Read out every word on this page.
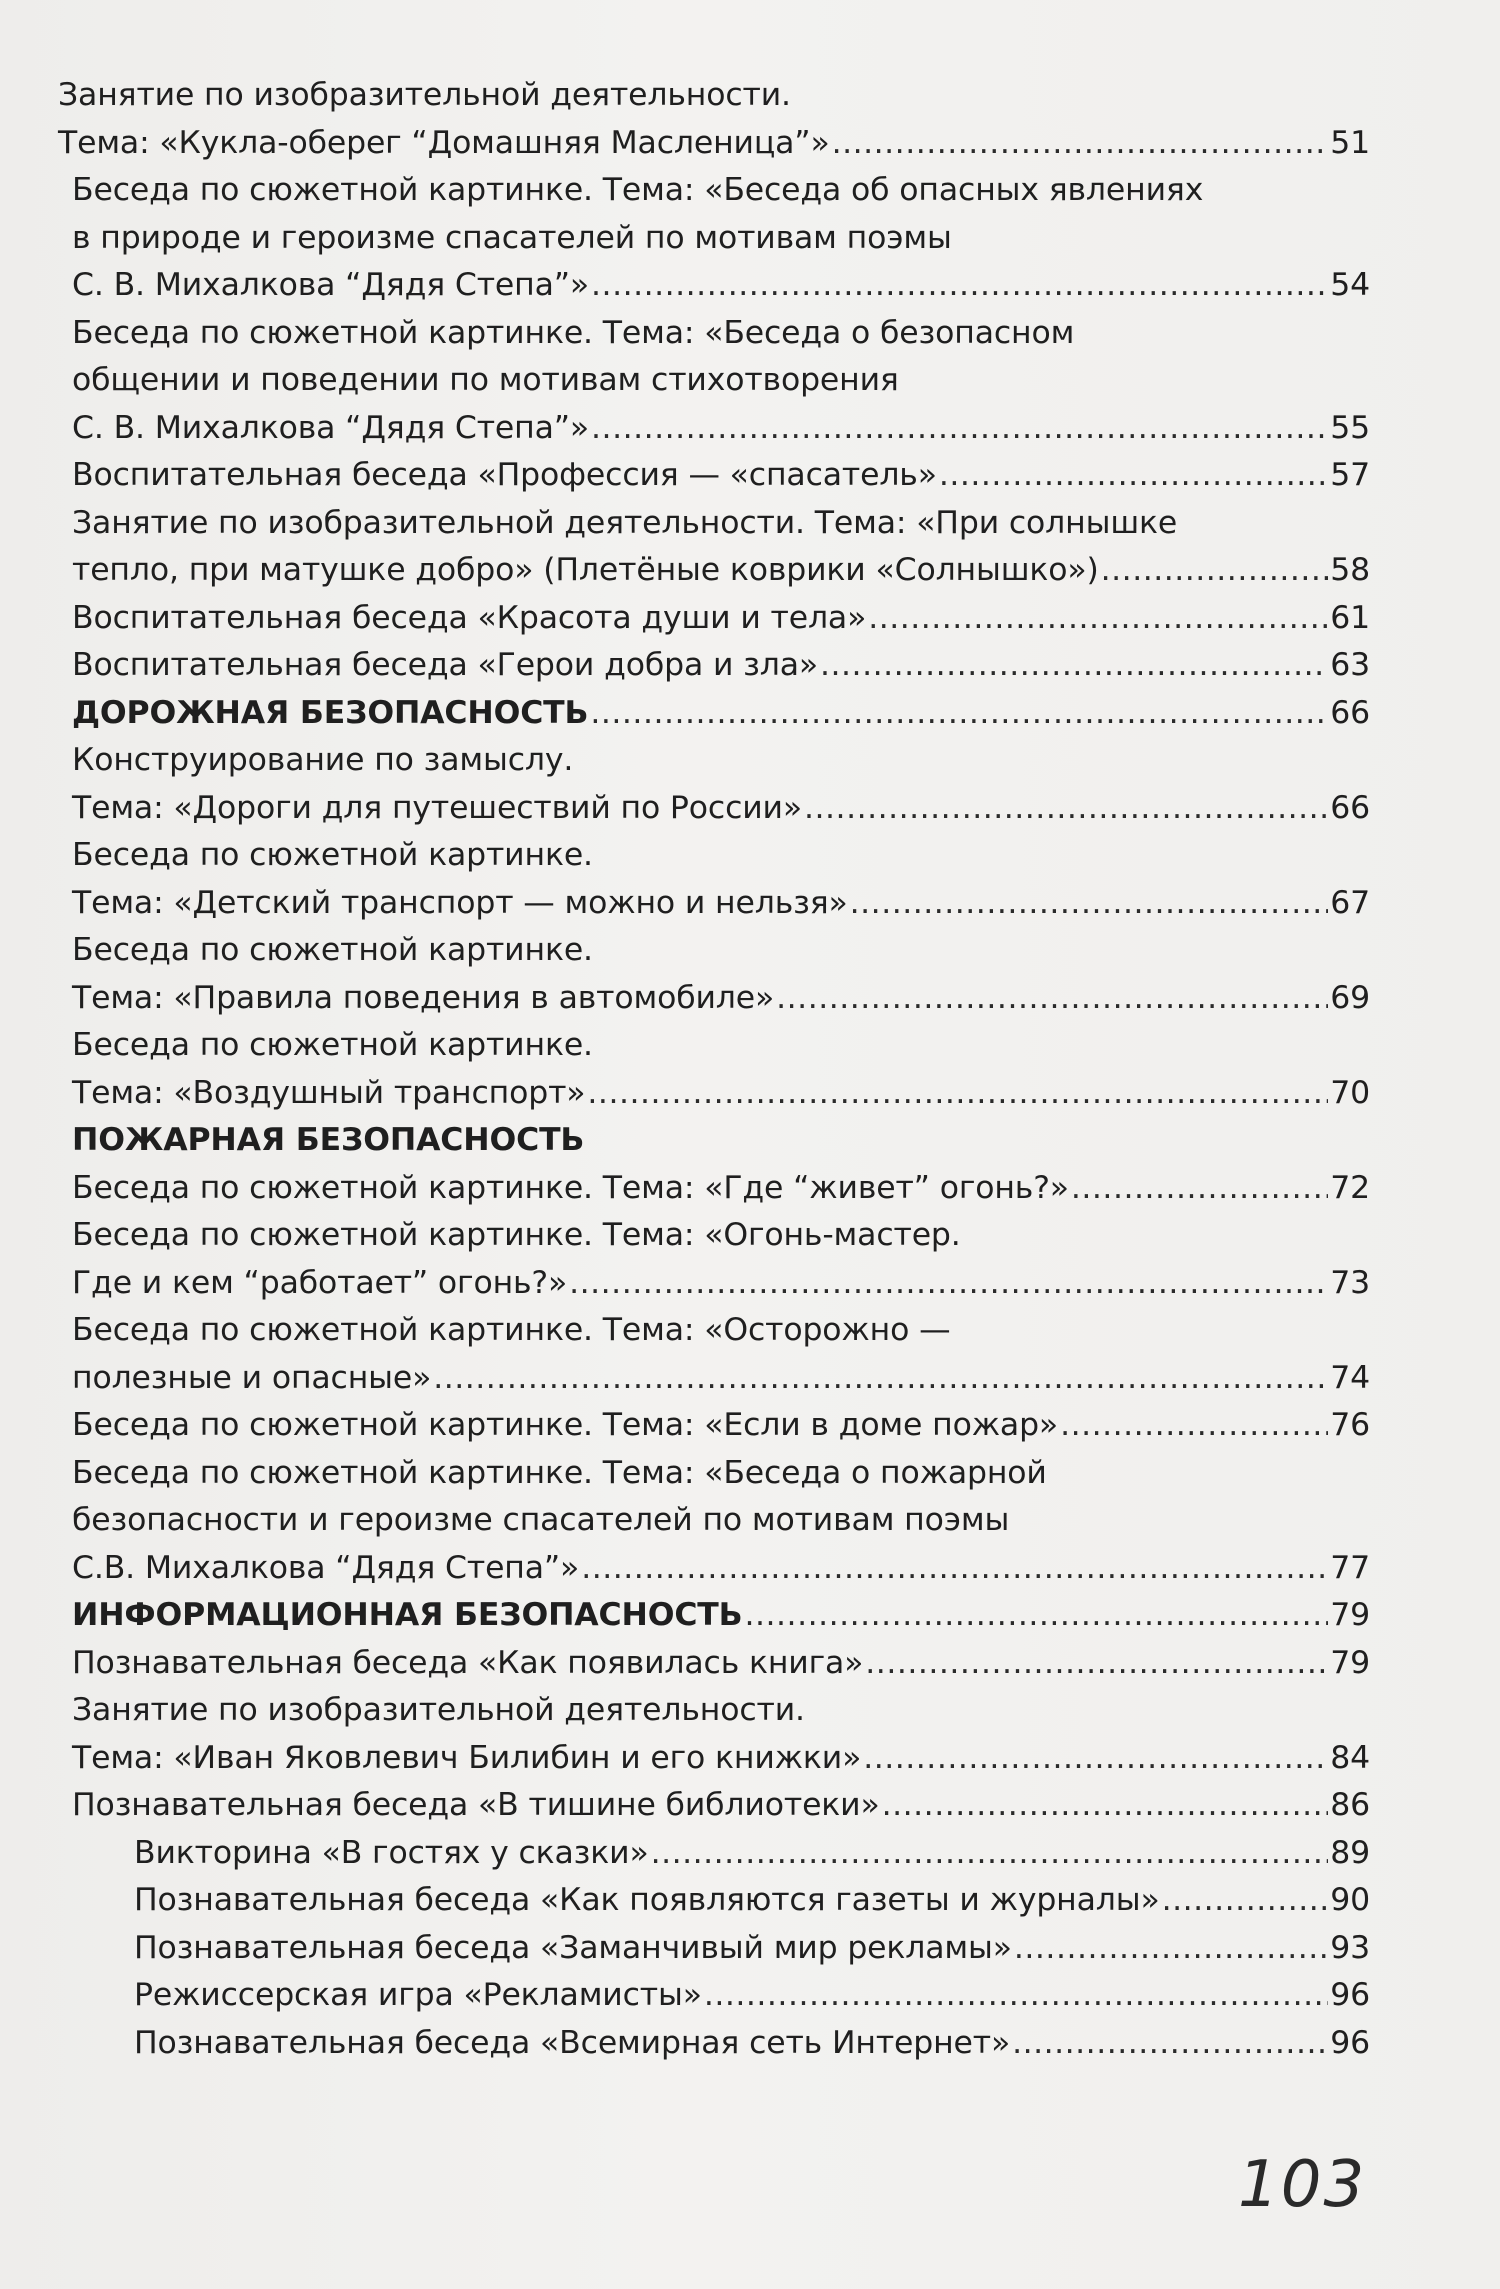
Занятие по изобразительной деятельности.
Тема: «Кукла-оберег “Домашняя Масленица”» .....	51
Беседа по сюжетной картинке. Тема: «Беседа об опасных явлениях
в природе и героизме спасателей по мотивам поэмы
С. В. Михалкова “Дядя Степа”» .....	54
Беседа по сюжетной картинке. Тема: «Беседа о безопасном
общении и поведении по мотивам стихотворения
С. В. Михалкова “Дядя Степа”» .....	55
Воспитательная беседа «Профессия — «спасатель» .....	57
Занятие по изобразительной деятельности. Тема: «При солнышке
тепло, при матушке добро» (Плетёные коврики «Солнышко») .....	58
Воспитательная беседа «Красота души и тела» .....	61
Воспитательная беседа «Герои добра и зла» .....	63
ДОРОЖНАЯ БЕЗОПАСНОСТЬ .....	66
Конструирование по замыслу.
Тема: «Дороги для путешествий по России» .....	66
Беседа по сюжетной картинке.
Тема: «Детский транспорт — можно и нельзя» .....	67
Беседа по сюжетной картинке.
Тема: «Правила поведения в автомобиле» .....	69
Беседа по сюжетной картинке.
Тема: «Воздушный транспорт» .....	70
ПОЖАРНАЯ БЕЗОПАСНОСТЬ
Беседа по сюжетной картинке. Тема: «Где “живет” огонь?» .....	72
Беседа по сюжетной картинке. Тема: «Огонь-мастер.
Где и кем “работает” огонь?» .....	73
Беседа по сюжетной картинке. Тема: «Осторожно —
полезные и опасные» .....	74
Беседа по сюжетной картинке. Тема: «Если в доме пожар» .....	76
Беседа по сюжетной картинке. Тема: «Беседа о пожарной
безопасности и героизме спасателей по мотивам поэмы
С.В. Михалкова “Дядя Степа”» .....	77
ИНФОРМАЦИОННАЯ БЕЗОПАСНОСТЬ .....	79
Познавательная беседа «Как появилась книга» .....	79
Занятие по изобразительной деятельности.
Тема: «Иван Яковлевич Билибин и его книжки» .....	84
Познавательная беседа «В тишине библиотеки» .....	86
Викторина «В гостях у сказки» .....	89
Познавательная беседа «Как появляются газеты и журналы» .....	90
Познавательная беседа «Заманчивый мир рекламы» .....	93
Режиссерская игра «Рекламисты» .....	96
Познавательная беседа «Всемирная сеть Интернет» .....	96
103
